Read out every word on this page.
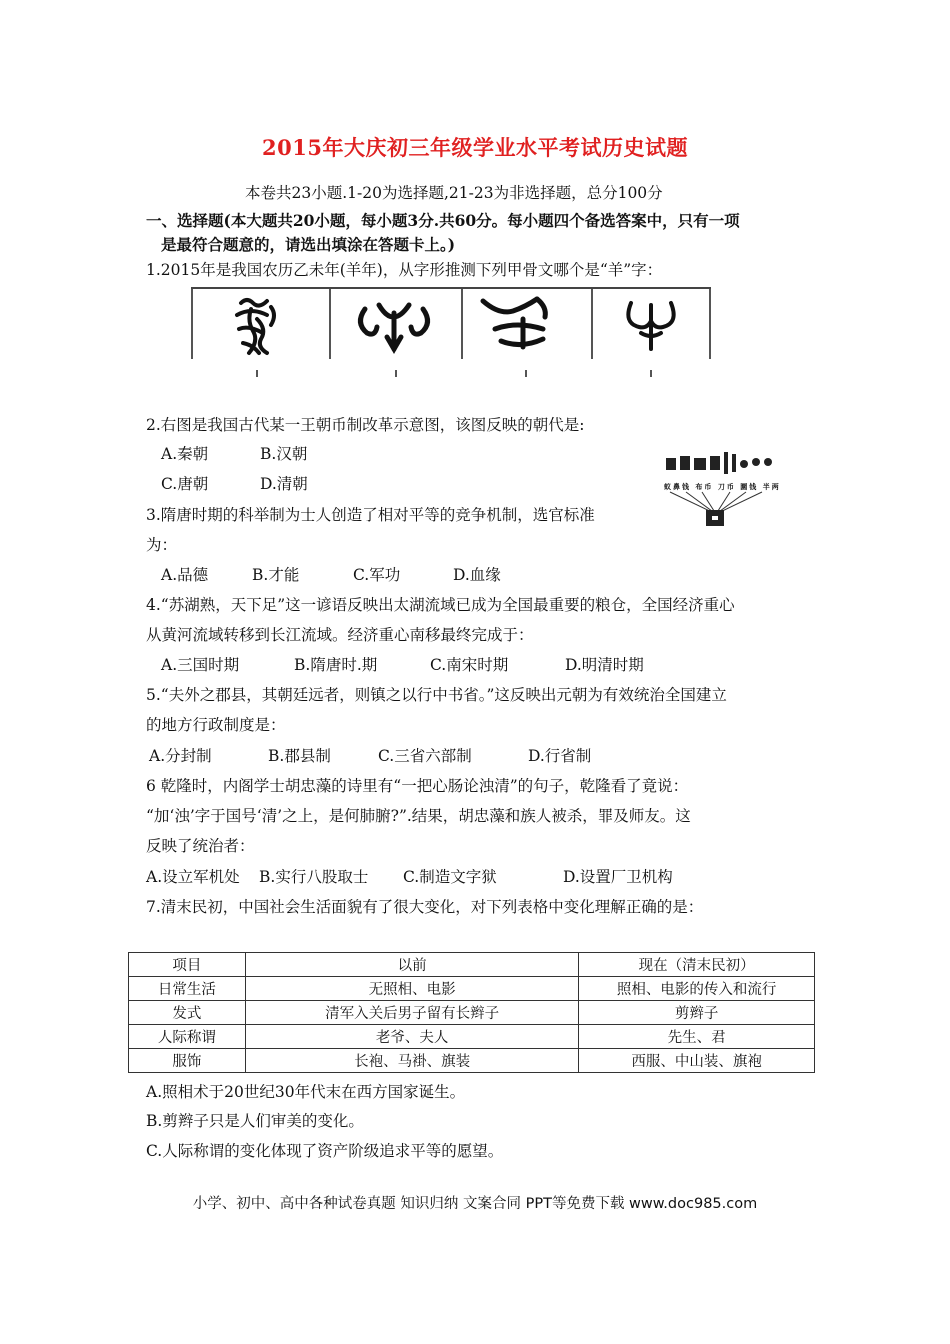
2015年大庆初三年级学业水平考试历史试题
本卷共23小题.1-20为选择题,21-23为非选择题，总分100分
一、选择题(本大题共20小题，每小题3分.共60分。每小题四个备选答案中，只有一项
是最符合题意的，请选出填涂在答题卡上。)
1.2015年是我国农历乙未年(羊年)，从字形推测下列甲骨文哪个是“羊”字：
2.右图是我国古代某一王朝币制改革示意图，该图反映的朝代是:
A.秦朝	B.汉朝
C.唐朝	D.清朝	蚁鼻钱 布币 刀币 圜钱 半两
3.隋唐时期的科举制为士人创造了相对平等的竞争机制，选官标准
为：
A.品德	B.才能	C.军功	D.血缘
4.“苏湖熟，天下足”这一谚语反映出太湖流域已成为全国最重要的粮仓，全国经济重心
从黄河流域转移到长江流域。经济重心南移最终完成于：
A.三国时期	B.隋唐时.期	C.南宋时期	D.明清时期
5.“夫外之郡县，其朝廷远者，则镇之以行中书省。”这反映出元朝为有效统治全国建立
的地方行政制度是：
A.分封制	B.郡县制	C.三省六部制	D.行省制
6 乾隆时，内阁学士胡忠藻的诗里有“一把心肠论浊清”的句子，乾隆看了竟说：
“加‘浊’字于国号‘清’之上，是何肺腑?”.结果，胡忠藻和族人被杀，罪及师友。这
反映了统治者：
A.设立军机处 B.实行八股取士 C.制造文字狱	D.设置厂卫机构
7.清末民初，中国社会生活面貌有了很大变化，对下列表格中变化理解正确的是：
项目	以前	现在（清末民初）
日常生活	无照相、电影	照相、电影的传入和流行
发式	清军入关后男子留有长辫子	剪辫子
人际称谓	老爷、夫人	先生、君
服饰	长袍、马褂、旗装	西服、中山装、旗袍
A.照相术于20世纪30年代末在西方国家诞生。
B.剪辫子只是人们审美的变化。
C.人际称谓的变化体现了资产阶级追求平等的愿望。
小学、初中、高中各种试卷真题 知识归纳 文案合同 PPT等免费下载 www.doc985.com
